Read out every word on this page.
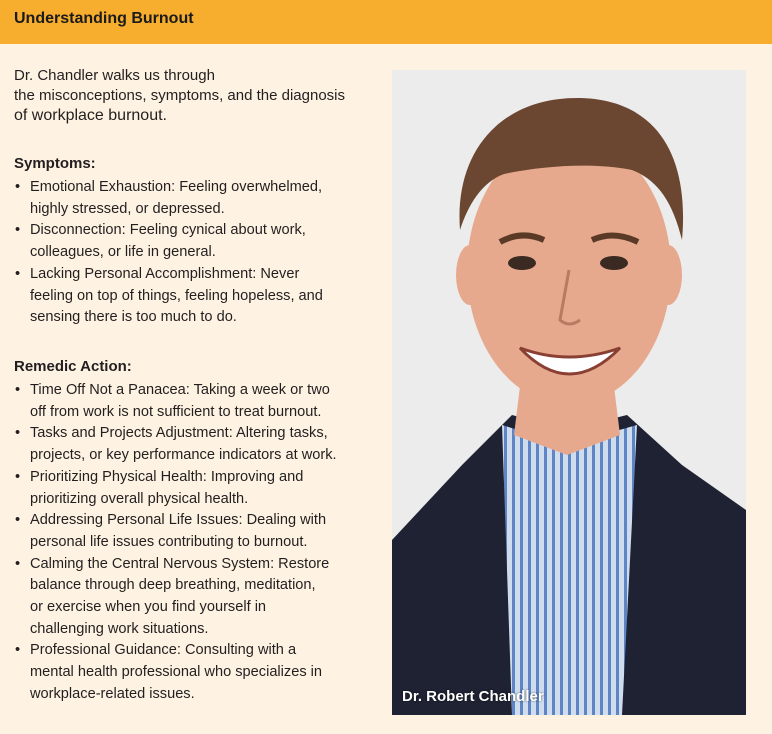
Understanding Burnout
Dr. Chandler walks us through
the misconceptions, symptoms, and the diagnosis
of workplace burnout.
Symptoms:
• Emotional Exhaustion: Feeling overwhelmed,
highly stressed, or depressed.
• Disconnection: Feeling cynical about work,
colleagues, or life in general.
• Lacking Personal Accomplishment: Never
feeling on top of things, feeling hopeless, and
sensing there is too much to do.
Remedic Action:
• Time Off Not a Panacea: Taking a week or two
off from work is not sufficient to treat burnout.
• Tasks and Projects Adjustment: Altering tasks,
projects, or key performance indicators at work.
• Prioritizing Physical Health: Improving and
prioritizing overall physical health.
• Addressing Personal Life Issues: Dealing with
personal life issues contributing to burnout.
• Calming the Central Nervous System: Restore
balance through deep breathing, meditation,
or exercise when you find yourself in
challenging work situations.
• Professional Guidance: Consulting with a
mental health professional who specializes in
workplace-related issues.	Dr. Robert Chandler
